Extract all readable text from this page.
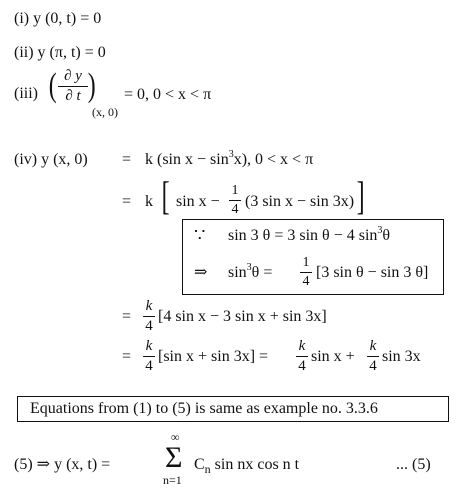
(i) y (0, t) = 0
(ii) y (π, t) = 0
(iii) ( ∂ y
∂ t )
(x, 0)
= 0, 0 < x < π
(iv) y (x, 0) = k (sin $x - \sin^3x$), 0 < x < π
= k [ sin x −
1
4 (3 sin x − sin 3x) ]
∵ sin 3 θ = 3 sin θ − 4 $\sin^3\theta$
⇒ $\sin^3\theta$ =
1
4
[3 sin θ − sin 3 θ]
=
k
4
[4 sin x − 3 sin x + sin 3x]
=
k
4
[sin x + sin 3x] =
k
4
sin x +
k
4
sin 3x
Equations from (1) to (5) is same as example no. 3.3.6
(5) ⇒ y (x, t) =
∞
Σ
n=1
$C_n$ sin nx cos n t	... (5)
